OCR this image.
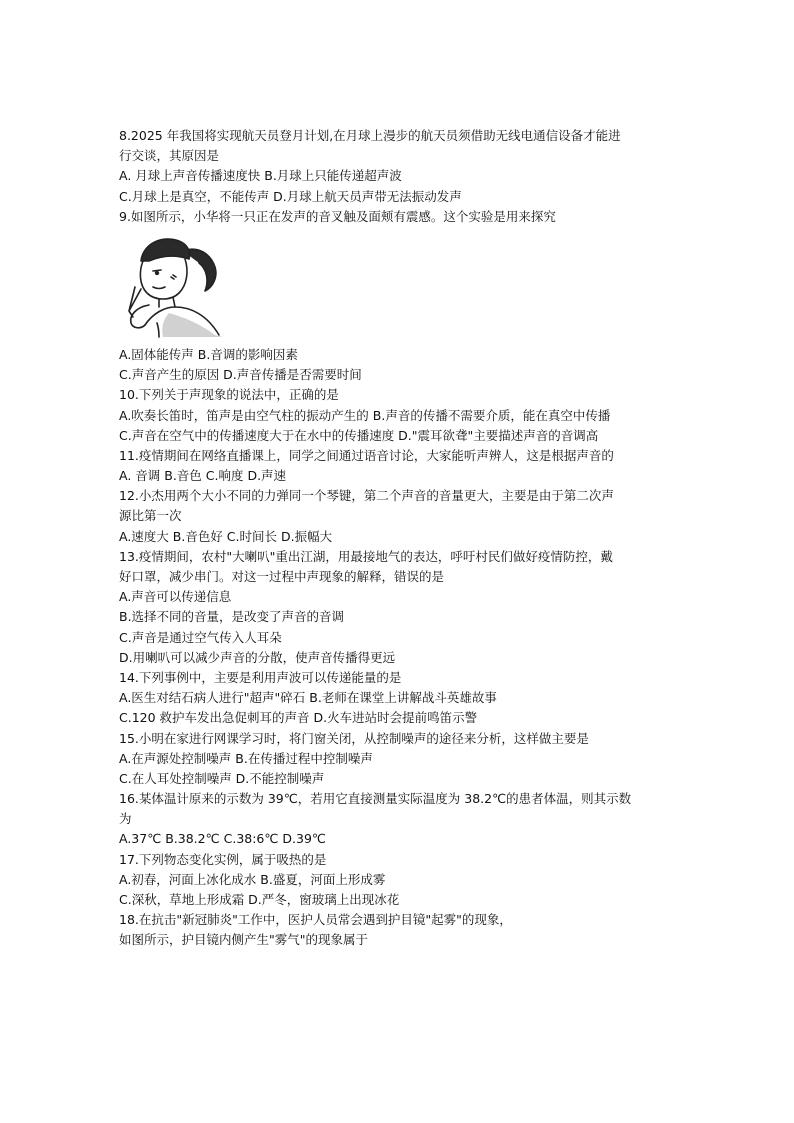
8.2025 年我国将实现航天员登月计划,在月球上漫步的航天员须借助无线电通信设备才能进
行交谈，其原因是
A. 月球上声音传播速度快 B.月球上只能传递超声波
C.月球上是真空，不能传声 D.月球上航天员声带无法振动发声
9.如图所示，小华将一只正在发声的音叉触及面颊有震感。这个实验是用来探究
A.固体能传声 B.音调的影响因素
C.声音产生的原因 D.声音传播是否需要时间
10.下列关于声现象的说法中，正确的是
A.吹奏长笛时，笛声是由空气柱的振动产生的 B.声音的传播不需要介质，能在真空中传播
C.声音在空气中的传播速度大于在水中的传播速度 D."震耳欲聋"主要描述声音的音调高
11.疫情期间在网络直播课上，同学之间通过语音讨论，大家能听声辨人，这是根据声音的
A. 音调 B.音色 C.响度 D.声速
12.小杰用两个大小不同的力弹同一个琴键，第二个声音的音量更大，主要是由于第二次声
源比第一次
A.速度大 B.音色好 C.时间长 D.振幅大
13.疫情期间，农村"大喇叭"重出江湖，用最接地气的表达，呼吁村民们做好疫情防控，戴
好口罩，减少串门。对这一过程中声现象的解释，错误的是
A.声音可以传递信息
B.选择不同的音量，是改变了声音的音调
C.声音是通过空气传入人耳朵
D.用喇叭可以减少声音的分散，使声音传播得更远
14.下列事例中，主要是利用声波可以传递能量的是
A.医生对结石病人进行"超声"碎石 B.老师在课堂上讲解战斗英雄故事
C.120 救护车发出急促刺耳的声音 D.火车进站时会提前鸣笛示警
15.小明在家进行网课学习时，将门窗关闭，从控制噪声的途径来分析，这样做主要是
A.在声源处控制噪声 B.在传播过程中控制噪声
C.在人耳处控制噪声 D.不能控制噪声
16.某体温计原来的示数为 39℃，若用它直接测量实际温度为 38.2℃的患者体温，则其示数
为
A.37℃ B.38.2℃ C.38:6℃ D.39℃
17.下列物态变化实例，属于吸热的是
A.初春，河面上冰化成水 B.盛夏，河面上形成雾
C.深秋，草地上形成霜 D.严冬，窗玻璃上出现冰花
18.在抗击"新冠肺炎"工作中，医护人员常会遇到护目镜"起雾"的现象，
如图所示，护目镜内侧产生"雾气"的现象属于
